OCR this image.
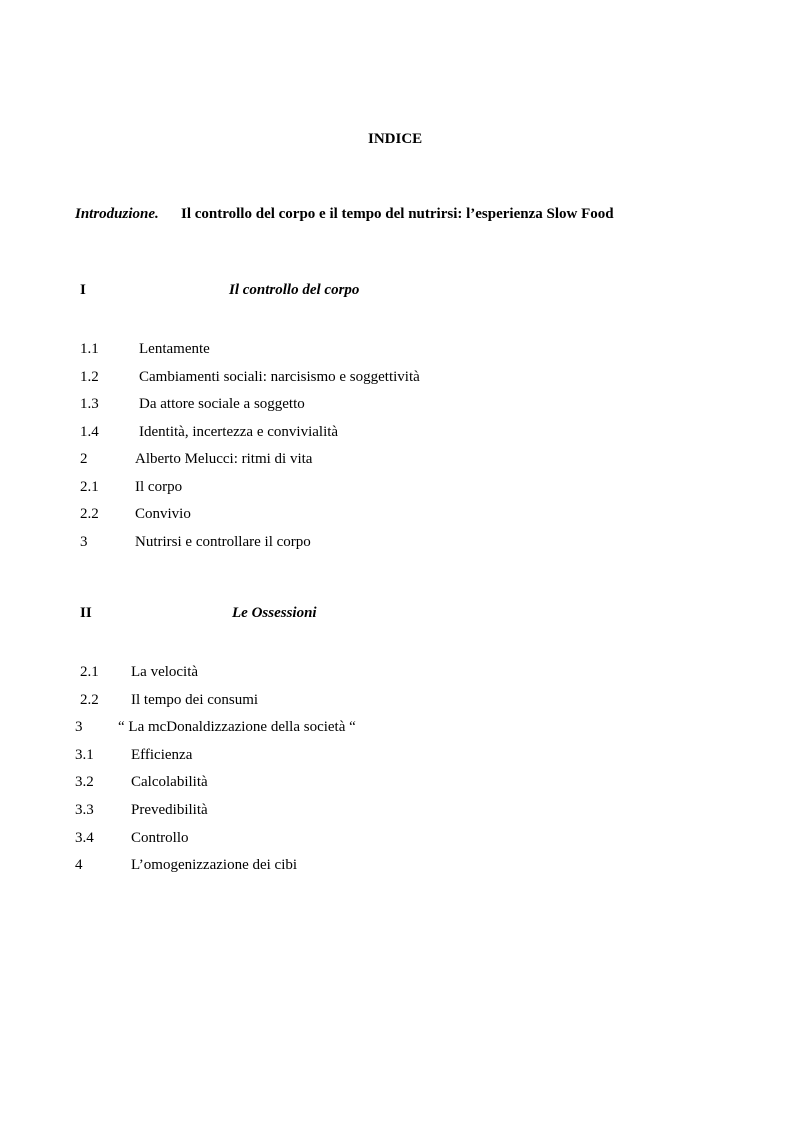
INDICE
Introduzione. Il controllo del corpo e il tempo del nutrirsi: l’esperienza Slow Food
I	Il controllo del corpo
1.1	Lentamente
1.2	Cambiamenti sociali: narcisismo e soggettività
1.3	Da attore sociale a soggetto
1.4	Identità, incertezza e convivialità
2	Alberto Melucci: ritmi di vita
2.1 Il corpo
2.2 Convivio
3	Nutrirsi e controllare il corpo
II	Le Ossessioni
2.1 La velocità
2.2 Il tempo dei consumi
3 “ La mcDonaldizzazione della società “
3.1 Efficienza
3.2 Calcolabilità
3.3 Prevedibilità
3.4 Controllo
4	L’omogenizzazione dei cibi
